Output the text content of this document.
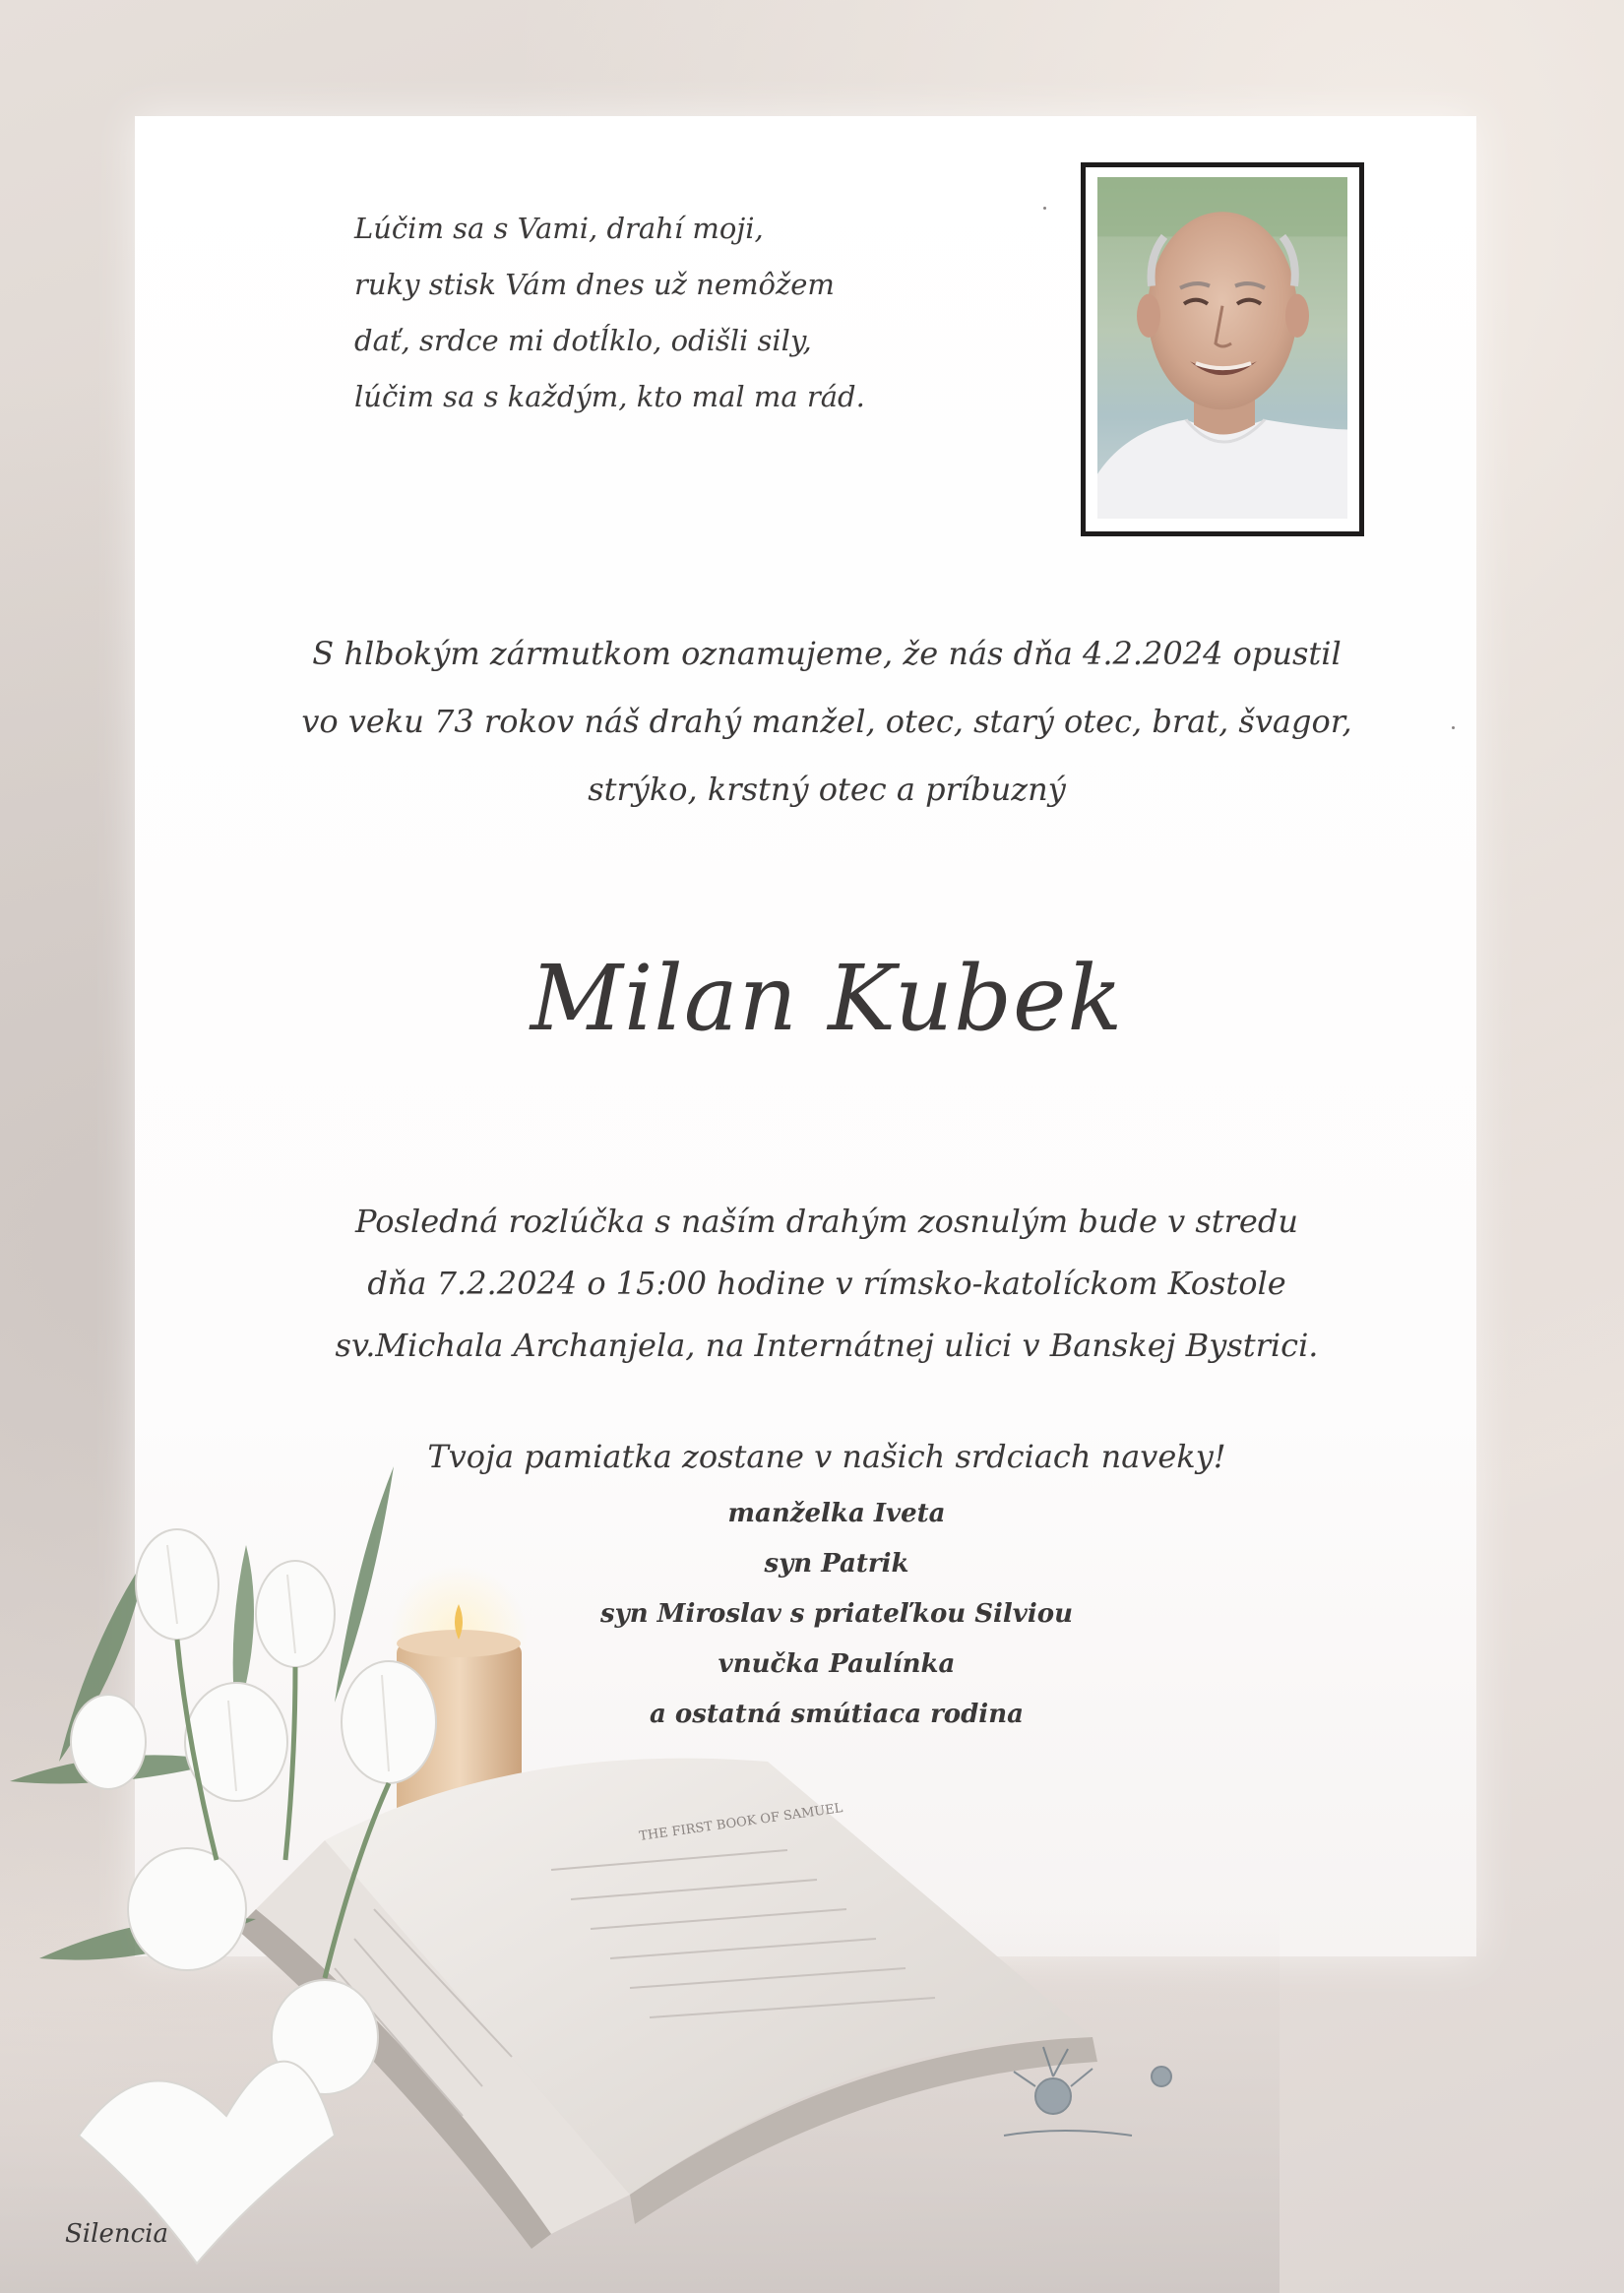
Lúčim sa s Vami, drahí moji,
ruky stisk Vám dnes už nemôžem
dať, srdce mi dotĺklo, odišli sily,
lúčim sa s každým, kto mal ma rád.
S hlbokým zármutkom oznamujeme, že nás dňa 4.2.2024 opustil
vo veku 73 rokov náš drahý manžel, otec, starý otec, brat, švagor,
strýko, krstný otec a príbuzný
Milan Kubek
Posledná rozlúčka s naším drahým zosnulým bude v stredu
dňa 7.2.2024 o 15:00 hodine v rímsko-katolíckom Kostole
sv.Michala Archanjela, na Internátnej ulici v Banskej Bystrici.
THE FIRST BOOK OF SAMUEL
Tvoja pamiatka zostane v našich srdciach naveky!
manželka Iveta
syn Patrik
syn Miroslav s priateľkou Silviou
vnučka Paulínka
a ostatná smútiaca rodina
Silencia
